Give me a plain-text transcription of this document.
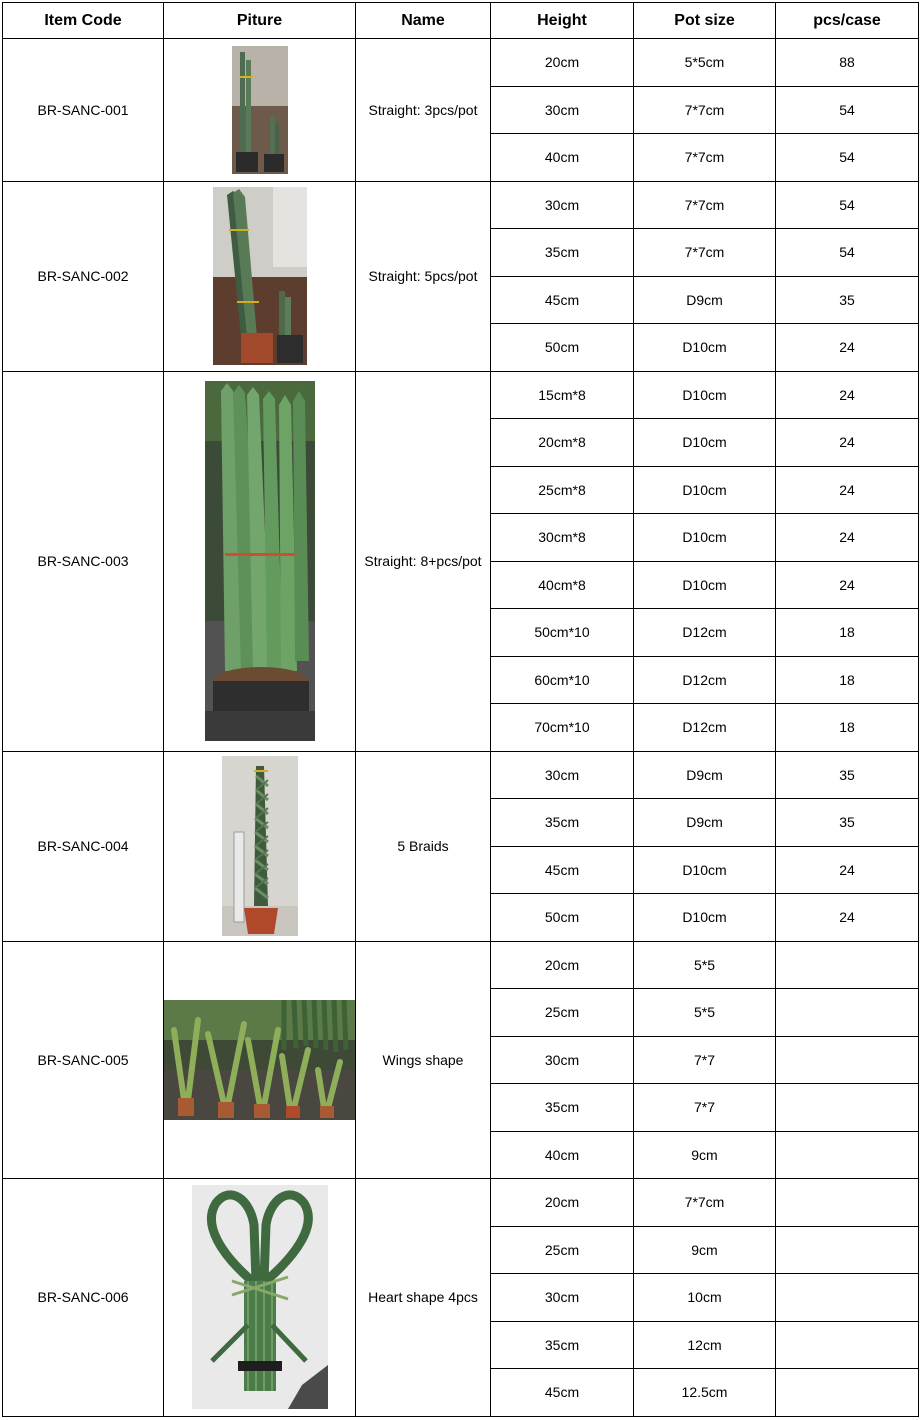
Item Code	Piture	Name	Height	Pot size	pcs/case
BR-SANC-001		Straight: 3pcs/pot	20cm	5*5cm	88
			30cm	7*7cm	54
			40cm	7*7cm	54
BR-SANC-002		Straight: 5pcs/pot	30cm	7*7cm	54
			35cm	7*7cm	54
			45cm	D9cm	35
			50cm	D10cm	24
BR-SANC-003		Straight: 8+pcs/pot	15cm*8	D10cm	24
			20cm*8	D10cm	24
			25cm*8	D10cm	24
			30cm*8	D10cm	24
			40cm*8	D10cm	24
			50cm*10	D12cm	18
			60cm*10	D12cm	18
			70cm*10	D12cm	18
BR-SANC-004		5 Braids	30cm	D9cm	35
			35cm	D9cm	35
			45cm	D10cm	24
			50cm	D10cm	24
BR-SANC-005		Wings shape	20cm	5*5	
			25cm	5*5	
			30cm	7*7	
			35cm	7*7	
			40cm	9cm	
BR-SANC-006		Heart shape 4pcs	20cm	7*7cm	
			25cm	9cm	
			30cm	10cm	
			35cm	12cm	
			45cm	12.5cm	
